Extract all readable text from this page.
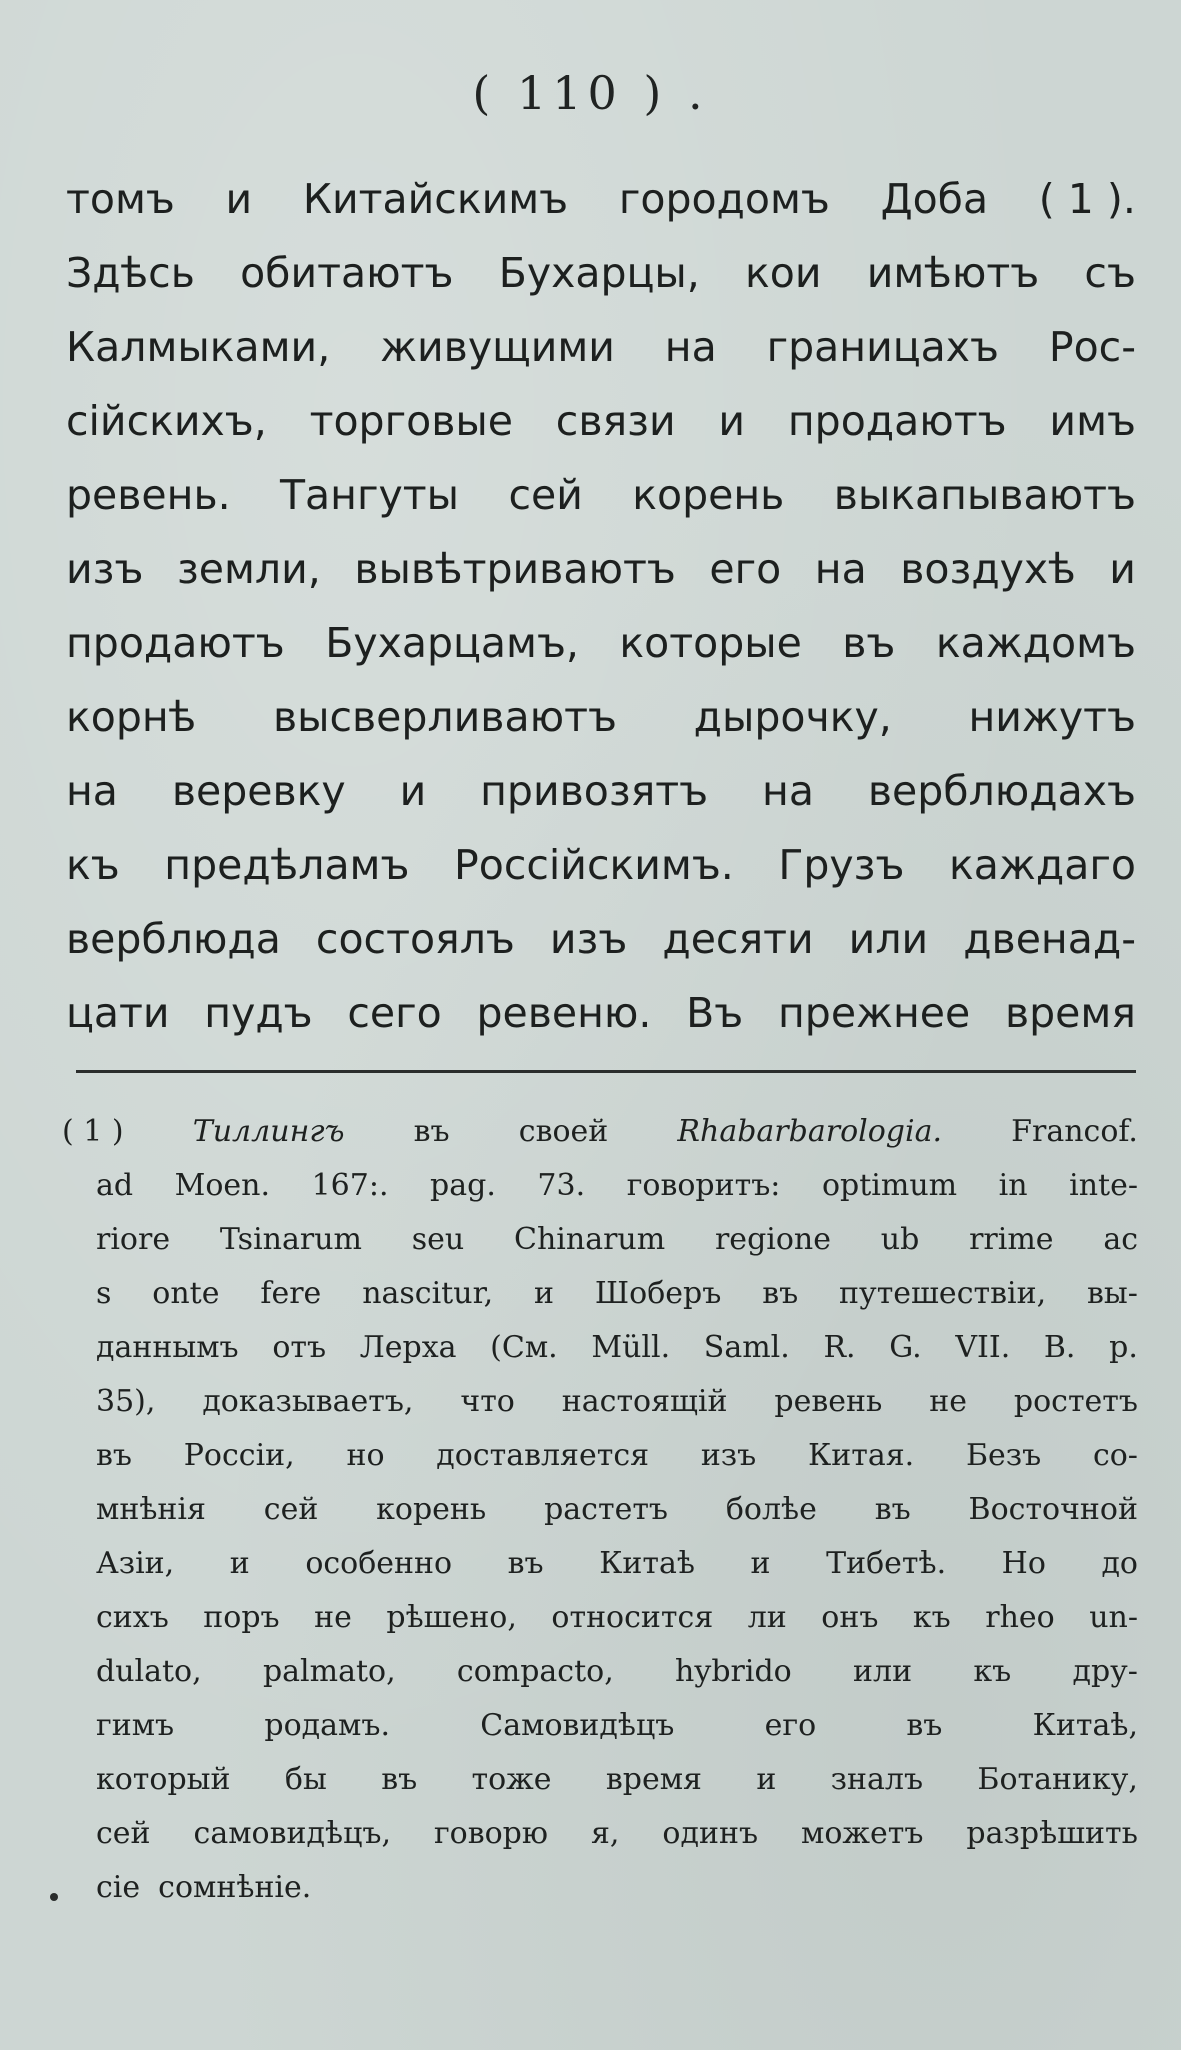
( 110 ) .
томъ и Китайскимъ городомъ Доба ( 1 ).
Здѣсь обитаютъ Бухарцы, кои имѣютъ съ
Калмыками, живущими на границахъ Рос-
сiйскихъ, торговые связи и продаютъ имъ
ревень. Тангуты сей корень выкапываютъ
изъ земли, вывѣтриваютъ его на воздухѣ и
продаютъ Бухарцамъ, которые въ каждомъ
корнѣ высверливаютъ дырочку, нижутъ
на веревку и привозятъ на верблюдахъ
къ предѣламъ Россiйскимъ. Грузъ каждаго
верблюда состоялъ изъ десяти или двенад-
цати пудъ сего ревеню. Въ прежнее время
( 1 ) Тиллингъ въ своей Rhabarbarologia. Francof.
ad Moen. 167:. pag. 73. говоритъ: optimum in inte-
riore Tsinarum seu Chinarum regione ub rrime ac
s onte fere nascitur, и Шоберъ въ путешествiи, вы-
даннымъ отъ Лерха (См. Müll. Saml. R. G. VII. B. p.
35), доказываетъ, что настоящiй ревень не ростетъ
въ Россiи, но доставляется изъ Китая. Безъ со-
мнѣнiя сей корень растетъ болѣе въ Восточной
Азiи, и особенно въ Китаѣ и Тибетѣ. Но до
сихъ поръ не рѣшено, относится ли онъ къ rheo un-
dulato, palmato, compacto, hybrido или къ дру-
гимъ	родамъ.	Самовидѣцъ	его	въ	Китаѣ,
который бы въ тоже время и зналъ Ботанику,
сей самовидѣцъ, говорю я, одинъ можетъ разрѣшить
сiе сомнѣнiе.
